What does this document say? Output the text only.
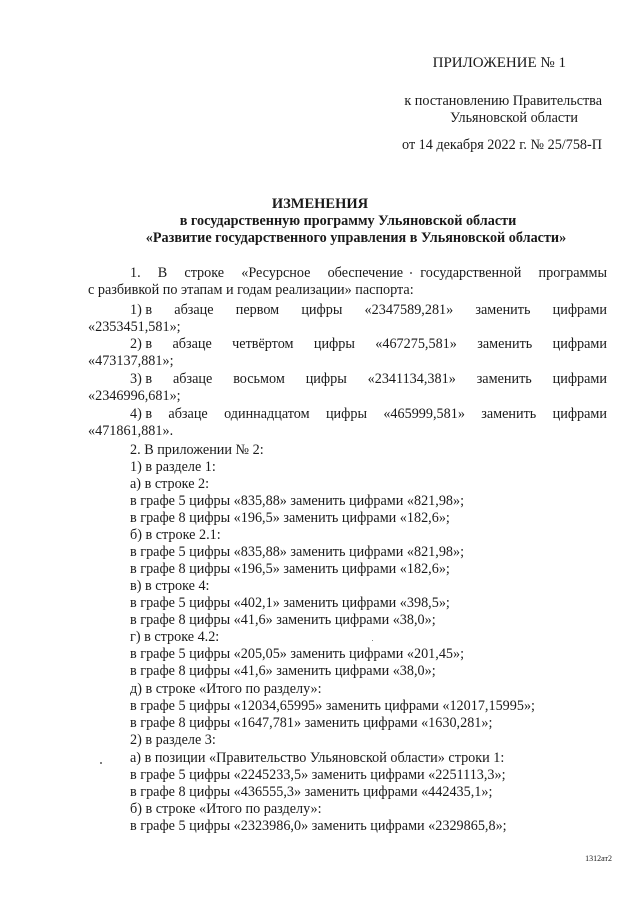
ПРИЛОЖЕНИЕ № 1
к постановлению Правительства
Ульяновской области
от 14 декабря 2022 г. № 25/758-П
ИЗМЕНЕНИЯ
в государственную программу Ульяновской области
«Развитие государственного управления в Ульяновской области»
1. В строке «Ресурсное обеспечение государственной программы
с разбивкой по этапам и годам реализации» паспорта:
1) в абзаце первом цифры «2347589,281» заменить цифрами
«2353451,581»;
2) в абзаце четвёртом цифры «467275,581» заменить цифрами
«473137,881»;
3) в абзаце восьмом цифры «2341134,381» заменить цифрами
«2346996,681»;
4) в абзаце одиннадцатом цифры «465999,581» заменить цифрами
«471861,881».
2. В приложении № 2:
1) в разделе 1:
а) в строке 2:
в графе 5 цифры «835,88» заменить цифрами «821,98»;
в графе 8 цифры «196,5» заменить цифрами «182,6»;
б) в строке 2.1:
в графе 5 цифры «835,88» заменить цифрами «821,98»;
в графе 8 цифры «196,5» заменить цифрами «182,6»;
в) в строке 4:
в графе 5 цифры «402,1» заменить цифрами «398,5»;
в графе 8 цифры «41,6» заменить цифрами «38,0»;
г) в строке 4.2:
в графе 5 цифры «205,05» заменить цифрами «201,45»;
в графе 8 цифры «41,6» заменить цифрами «38,0»;
д) в строке «Итого по разделу»:
в графе 5 цифры «12034,65995» заменить цифрами «12017,15995»;
в графе 8 цифры «1647,781» заменить цифрами «1630,281»;
2) в разделе 3:
а) в позиции «Правительство Ульяновской области» строки 1:
в графе 5 цифры «2245233,5» заменить цифрами «2251113,3»;
в графе 8 цифры «436555,3» заменить цифрами «442435,1»;
б) в строке «Итого по разделу»:
в графе 5 цифры «2323986,0» заменить цифрами «2329865,8»;
1312ат2
